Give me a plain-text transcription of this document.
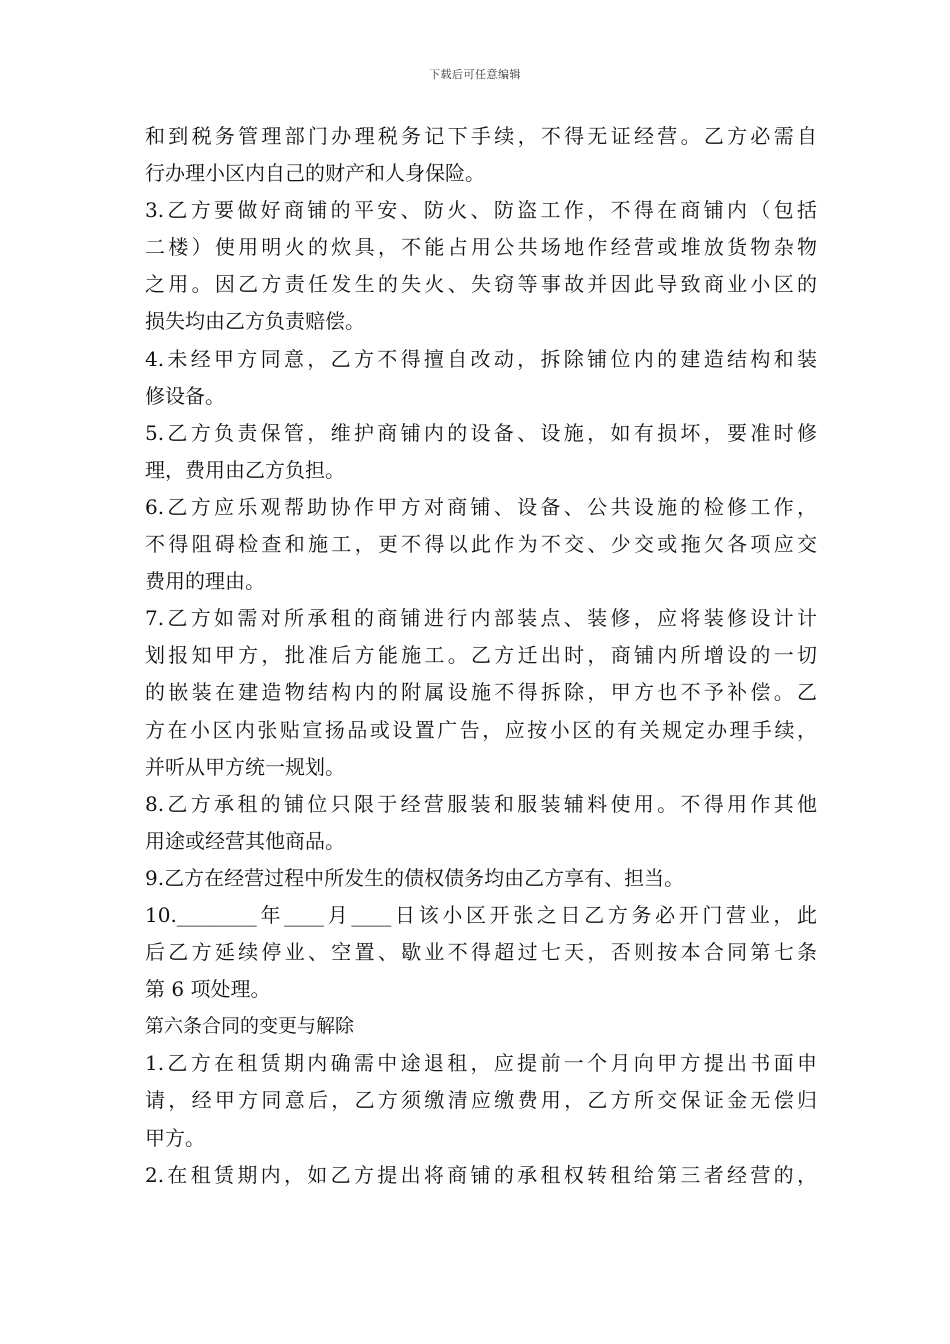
下载后可任意编辑
和到税务管理部门办理税务记下手续，不得无证经营。乙方必需自
行办理小区内自己的财产和人身保险。
3.乙方要做好商铺的平安、防火、防盗工作，不得在商铺内（包括
二楼）使用明火的炊具，不能占用公共场地作经营或堆放货物杂物
之用。因乙方责任发生的失火、失窃等事故并因此导致商业小区的
损失均由乙方负责赔偿。
4.未经甲方同意，乙方不得擅自改动，拆除铺位内的建造结构和装
修设备。
5.乙方负责保管，维护商铺内的设备、设施，如有损坏，要准时修
理，费用由乙方负担。
6.乙方应乐观帮助协作甲方对商铺、设备、公共设施的检修工作，
不得阻碍检查和施工，更不得以此作为不交、少交或拖欠各项应交
费用的理由。
7.乙方如需对所承租的商铺进行内部装点、装修，应将装修设计计
划报知甲方，批准后方能施工。乙方迁出时，商铺内所增设的一切
的嵌装在建造物结构内的附属设施不得拆除，甲方也不予补偿。乙
方在小区内张贴宣扬品或设置广告，应按小区的有关规定办理手续，
并听从甲方统一规划。
8.乙方承租的铺位只限于经营服装和服装辅料使用。不得用作其他
用途或经营其他商品。
9.乙方在经营过程中所发生的债权债务均由乙方享有、担当。
10.________年____月____日该小区开张之日乙方务必开门营业，此
后乙方延续停业、空置、歇业不得超过七天，否则按本合同第七条
第 6 项处理。
第六条合同的变更与解除
1.乙方在租赁期内确需中途退租，应提前一个月向甲方提出书面申
请，经甲方同意后，乙方须缴清应缴费用，乙方所交保证金无偿归
甲方。
2.在租赁期内，如乙方提出将商铺的承租权转租给第三者经营的，
